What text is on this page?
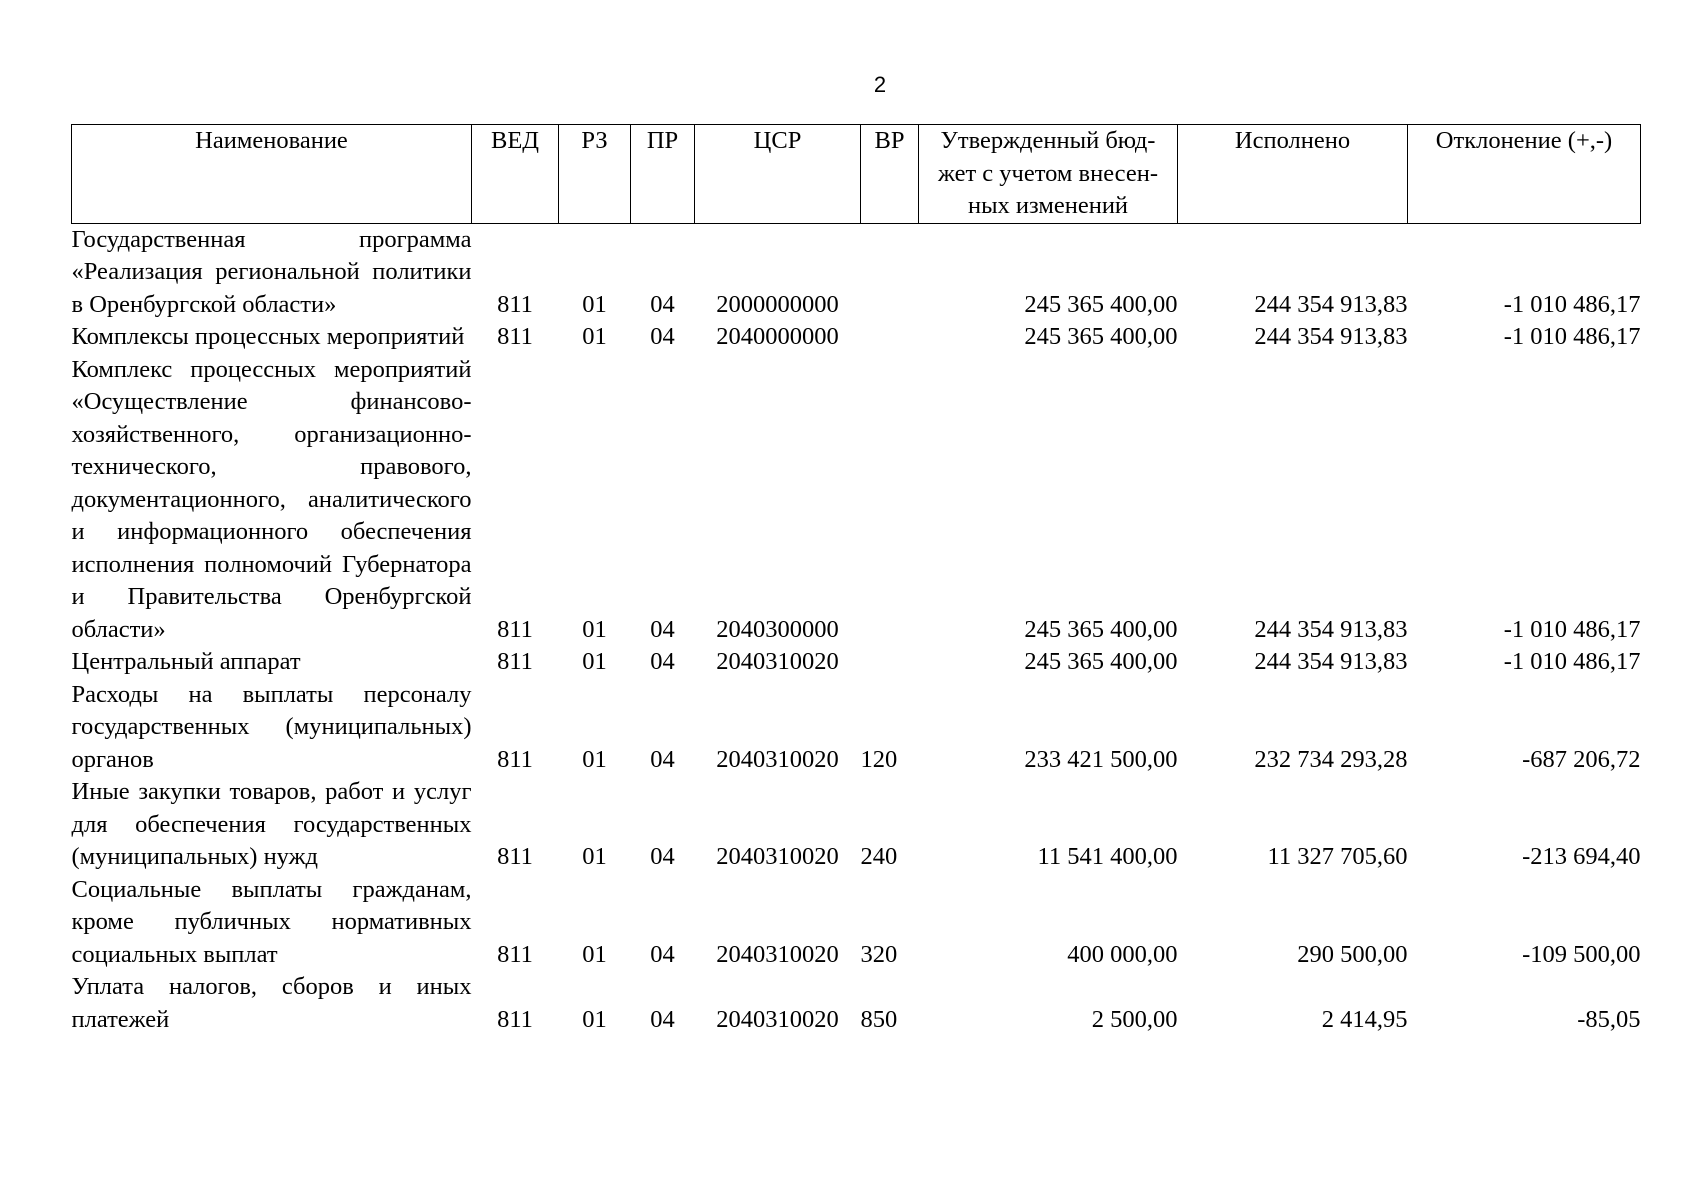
2
Наименование	ВЕД	РЗ	ПР	ЦСР	ВР	Утвержденный бюд-
жет с учетом внесен-
ных изменений	Исполнено	Отклонение (+,-)
Государственная программа «Реализация региональной политики в Оренбургской области»	811	01	04	2000000000		245 365 400,00	244 354 913,83	-1 010 486,17
Комплексы процессных мероприятий	811	01	04	2040000000		245 365 400,00	244 354 913,83	-1 010 486,17
Комплекс процессных мероприятий «Осуществление финансово-хозяйственного, организационно-технического, правового, документационного, аналитического и информационного обеспечения исполнения полномочий Губернатора и Правительства Оренбургской области»	811	01	04	2040300000		245 365 400,00	244 354 913,83	-1 010 486,17
Центральный аппарат	811	01	04	2040310020		245 365 400,00	244 354 913,83	-1 010 486,17
Расходы на выплаты персоналу государственных (муниципальных) органов	811	01	04	2040310020	120	233 421 500,00	232 734 293,28	-687 206,72
Иные закупки товаров, работ и услуг для обеспечения государственных (муниципальных) нужд	811	01	04	2040310020	240	11 541 400,00	11 327 705,60	-213 694,40
Социальные выплаты гражданам, кроме публичных нормативных социальных выплат	811	01	04	2040310020	320	400 000,00	290 500,00	-109 500,00
Уплата налогов, сборов и иных платежей	811	01	04	2040310020	850	2 500,00	2 414,95	-85,05
